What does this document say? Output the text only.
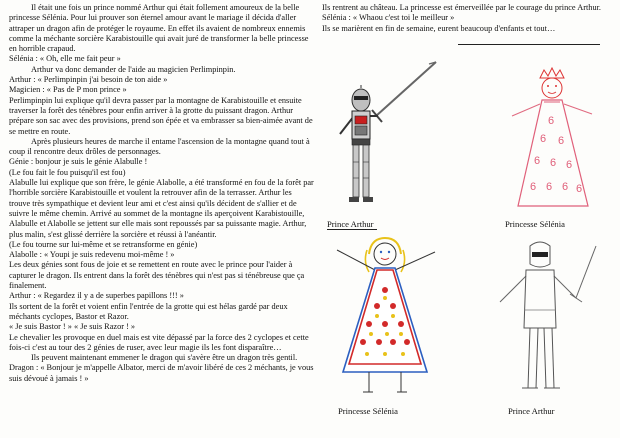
Il était une fois un prince nommé Arthur qui était follement amoureux de la belle princesse Sélénia. Pour lui prouver son éternel amour avant le mariage il décida d'aller attraper un dragon afin de protéger le royaume. En effet ils avaient de nombreux ennemis comme la méchante sorcière Karabistouille qui avait juré de transformer la belle princesse en horrible crapaud.

Sélénia : « Oh, elle me fait peur »

Arthur va donc demander de l'aide au magicien Perlimpinpin.

Arthur : « Perlimpinpin j'ai besoin de ton aide »

Magicien : « Pas de P mon prince »

Perlimpinpin lui explique qu'il devra passer par la montagne de Karabistouille et ensuite traverser la forêt des ténèbres pour enfin arriver à la grotte du puissant dragon. Arthur prépare son sac avec des provisions, prend son épée et va embrasser sa bien-aimée avant de se mettre en route.

Après plusieurs heures de marche il entame l'ascension de la montagne quand tout à coup il rencontre deux drôles de personnages.

Génie : bonjour je suis le génie Alabulle !

(Le fou fait le fou puisqu'il est fou)

Alabulle lui explique que son frère, le génie Alabolle, a été transformé en fou de la forêt par l'horrible sorcière Karabistouille et voulent la retrouver afin de la terrasser. Arthur les trouve très sympathique et devient leur ami et c'est ainsi qu'ils décident de s'allier et de suivre le même chemin. Arrivé au sommet de la montagne ils aperçoivent Karabistouille, Alabulle et Alabolle se jettent sur elle mais sont repoussés par sa puissante magie. Arthur, plus malin, s'est glissé derrière la sorcière et réussi à l'anéantir.

(Le fou tourne sur lui-même et se retransforme en génie)

Alabolle : « Youpi je suis redevenu moi-même ! »

Les deux génies sont fous de joie et se remettent en route avec le prince pour l'aider à capturer le dragon. Ils entrent dans la forêt des ténèbres qui n'est pas si ténébreuse que ça finalement.

Arthur : « Regardez il y a de superbes papillons !!! »

Ils sortent de la forêt et voient enfin l'entrée de la grotte qui est hélas gardé par deux méchants cyclopes, Bastor et Razor.

« Je suis Bastor ! » « Je suis Razor ! »

Le chevalier les provoque en duel mais est vite dépassé par la force des 2 cyclopes et cette fois-ci c'est au tour des 2 génies de ruser, avec leur magie ils les font disparaître…

Ils peuvent maintenant emmener le dragon qui s'avère être un dragon très gentil.

Dragon : « Bonjour je m'appelle Albator, merci de m'avoir libéré de ces 2 méchants, je vous suis dévoué à jamais ! »

Ils rentrent au château. La princesse est émerveillée par le courage du prince Arthur.

Sélénia : « Whaou c'est toi le meilleur »

Ils se marièrent en fin de semaine, eurent beaucoup d'enfants et tout…

Prince Arthur
6
6 6
6 6 6
6 6 6 6
Princesse Sélénia
Princesse Sélénia	Prince Arthur
